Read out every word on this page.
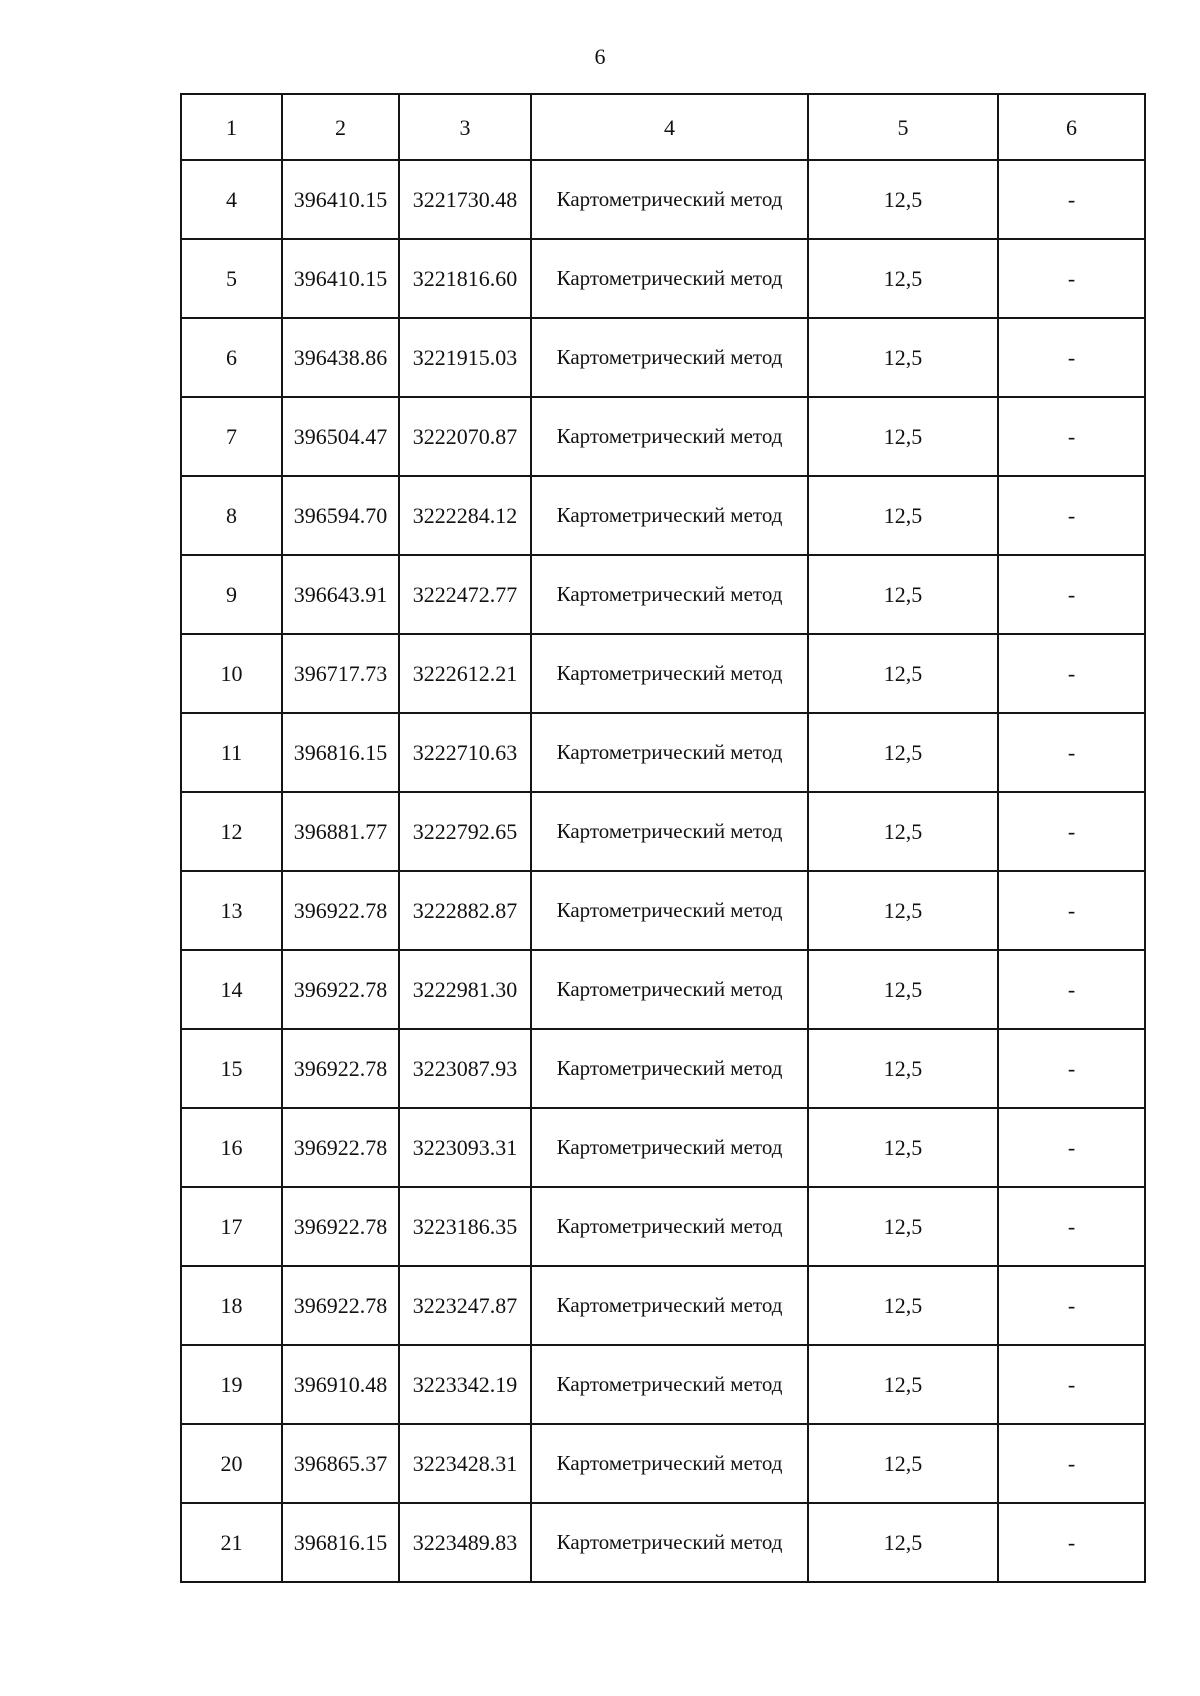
6
1	2	3	4	5	6
4	396410.15	3221730.48	Картометрический метод	12,5	-
5	396410.15	3221816.60	Картометрический метод	12,5	-
6	396438.86	3221915.03	Картометрический метод	12,5	-
7	396504.47	3222070.87	Картометрический метод	12,5	-
8	396594.70	3222284.12	Картометрический метод	12,5	-
9	396643.91	3222472.77	Картометрический метод	12,5	-
10	396717.73	3222612.21	Картометрический метод	12,5	-
11	396816.15	3222710.63	Картометрический метод	12,5	-
12	396881.77	3222792.65	Картометрический метод	12,5	-
13	396922.78	3222882.87	Картометрический метод	12,5	-
14	396922.78	3222981.30	Картометрический метод	12,5	-
15	396922.78	3223087.93	Картометрический метод	12,5	-
16	396922.78	3223093.31	Картометрический метод	12,5	-
17	396922.78	3223186.35	Картометрический метод	12,5	-
18	396922.78	3223247.87	Картометрический метод	12,5	-
19	396910.48	3223342.19	Картометрический метод	12,5	-
20	396865.37	3223428.31	Картометрический метод	12,5	-
21	396816.15	3223489.83	Картометрический метод	12,5	-
